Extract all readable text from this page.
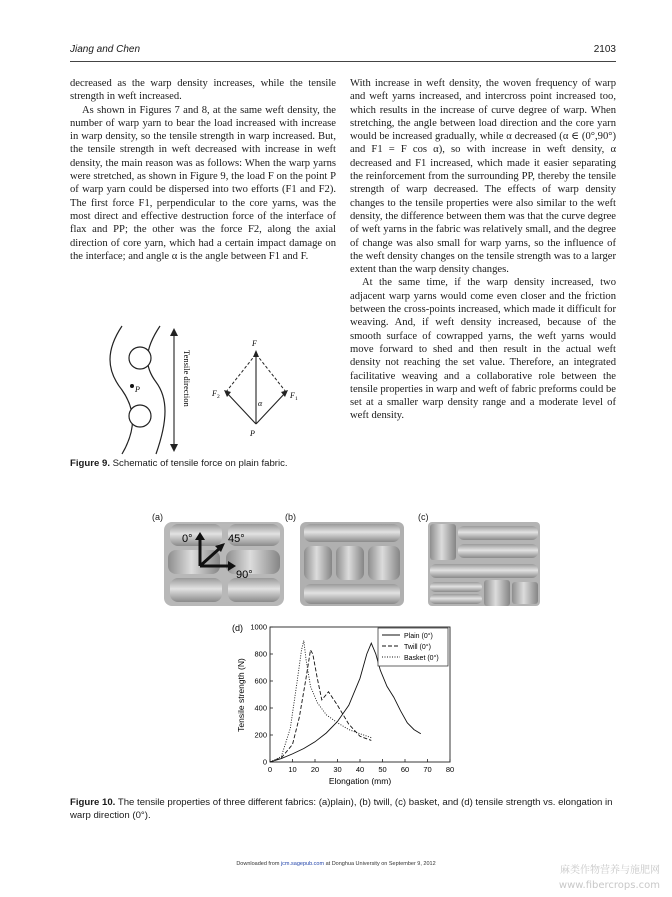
Jiang and Chen	2103

decreased as the warp density increases, while the tensile strength in weft increased.

As shown in Figures 7 and 8, at the same weft density, the number of warp yarn to bear the load increased with increase in warp density, so the tensile strength in warp increased. But, the tensile strength in weft decreased with increase in weft density, the main reason was as follows: When the warp yarns were stretched, as shown in Figure 9, the load F on the point P of warp yarn could be dispersed into two efforts (F1 and F2). The first force F1, perpendicular to the core yarns, was the most direct and effective destruction force of the interface of flax and PP; the other was the force F2, along the axial direction of core yarn, which had a certain impact damage on the interface; and angle α is the angle between F1 and F.

With increase in weft density, the woven frequency of warp and weft yarns increased, and intercross point increased too, which results in the increase of curve degree of warp. When stretching, the angle between load direction and the core yarn would be increased gradually, while α decreased (α ∈ (0°,90°) and F1 = F cos α), so with increase in weft density, α decreased and F1 increased, which made it easier separating the reinforcement from the surrounding PP, thereby the tensile strength of warp decreased. The effects of warp density changes to the tensile properties were also similar to the weft density, the difference between them was that the curve degree of weft yarns in the fabric was relatively small, and the degree of change was also small for warp yarns, so the influence of the weft density changes on the tensile strength was to a larger extent than the warp density changes.

At the same time, if the warp density increased, two adjacent warp yarns would come even closer and the friction between the cross-points increased, which made it difficult for weaving. And, if weft density increased, because of the smooth surface of cowrapped yarns, the weft yarns would move forward to shed and then result in the actual weft density not reaching the set value. Therefore, an integrated facilitative weaving and a collaborative role between the tensile properties in warp and weft of fabric preforms could be set at a smaller warp density range and a moderate level of weft density.

P	Tensile direction
F
F 1
F 2
α
P
Figure 9. Schematic of tensile force on plain fabric.
(a)	(b)	(c)
0°	45°
90°
(d)
0 10 20 30 40 50 60 70 80
0
200
400
600
800
1000
Elongation (mm)
Tensile strength (N)
Plain (0°)
Twill (0°)
Basket (0°)
Figure 10. The tensile properties of three different fabrics: (a)plain), (b) twill, (c) basket, and (d) tensile strength vs. elongation in warp direction (0°).
Downloaded from jcm.sagepub.com at Donghua University on September 9, 2012
麻类作物营养与施肥网
www.fibercrops.com
